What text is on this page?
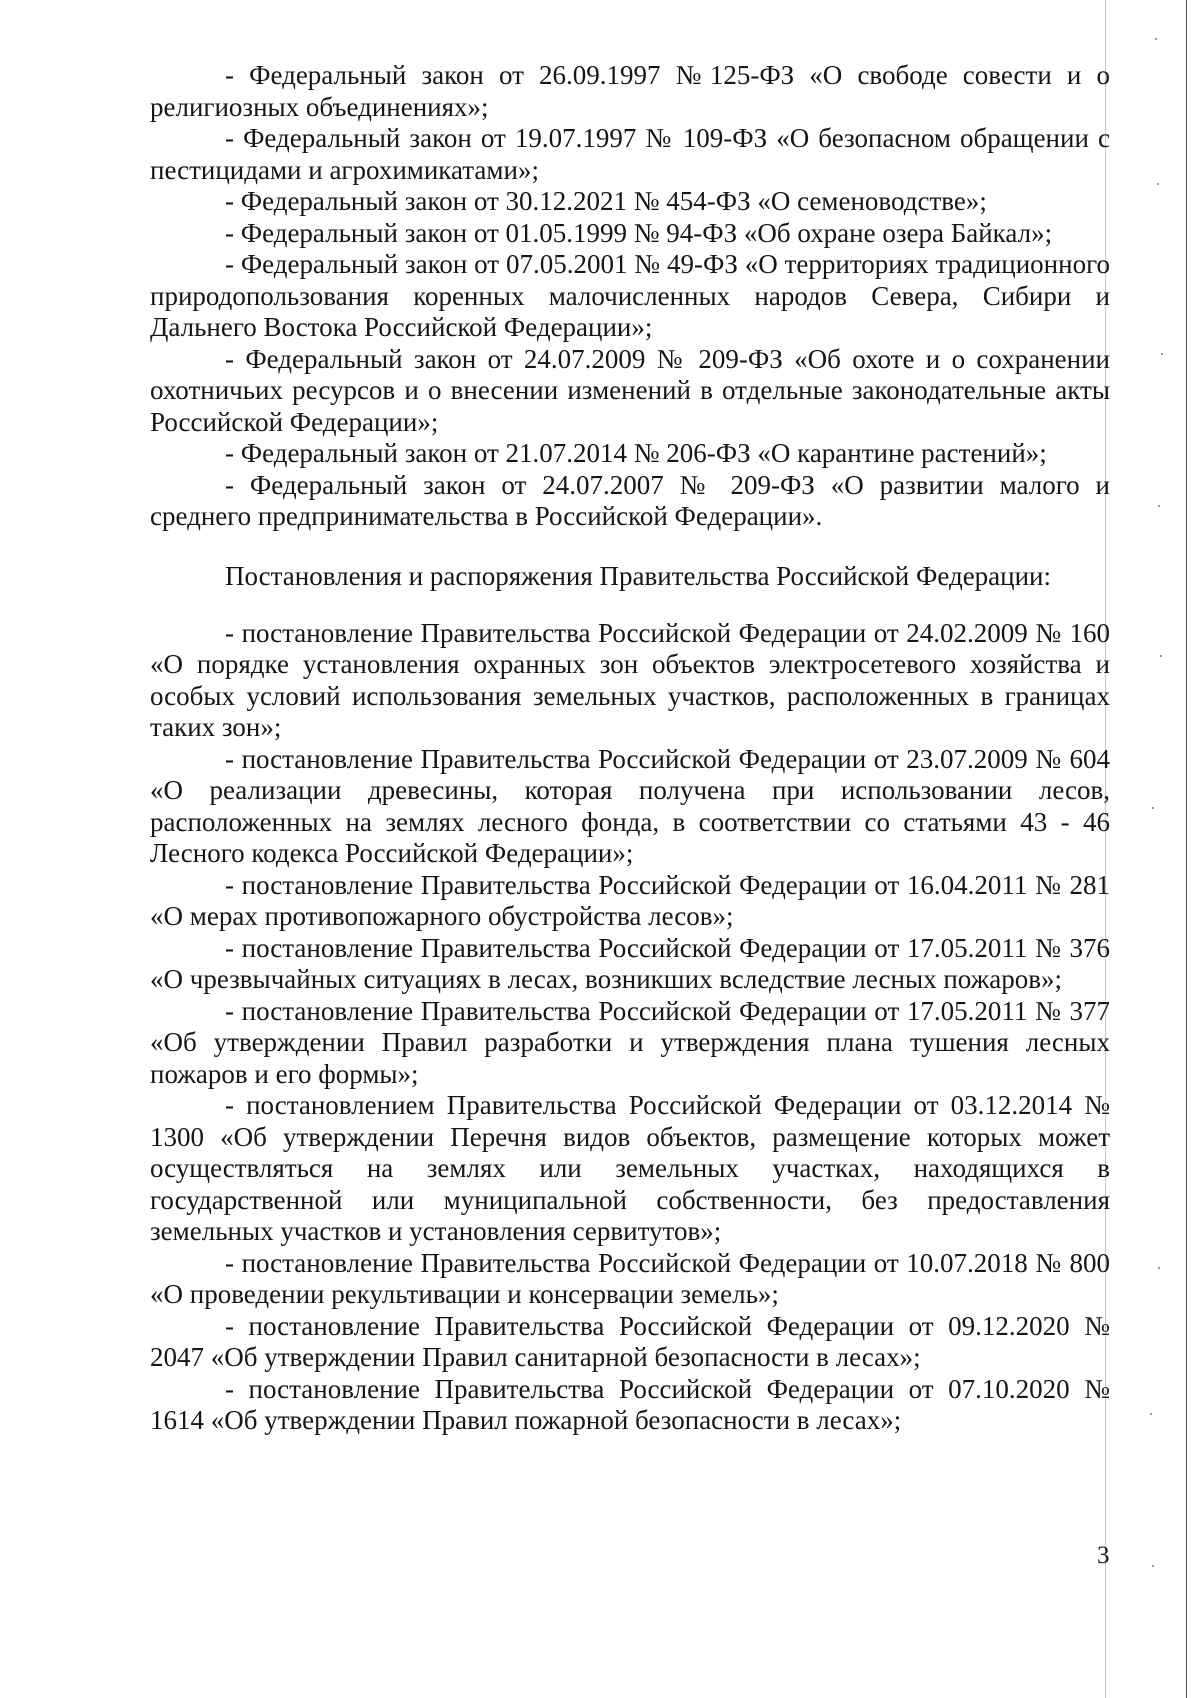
- Федеральный закон от 26.09.1997 №125-ФЗ «О свободе совести и о религиозных объединениях»;

- Федеральный закон от 19.07.1997 № 109-ФЗ «О безопасном обращении с пестицидами и агрохимикатами»;

- Федеральный закон от 30.12.2021 № 454-ФЗ «О семеноводстве»;

- Федеральный закон от 01.05.1999 № 94-ФЗ «Об охране озера Байкал»;

- Федеральный закон от 07.05.2001 № 49-ФЗ «О территориях традиционного природопользования коренных малочисленных народов Севера, Сибири и Дальнего Востока Российской Федерации»;

- Федеральный закон от 24.07.2009 № 209-ФЗ «Об охоте и о сохранении охотничьих ресурсов и о внесении изменений в отдельные законодательные акты Российской Федерации»;

- Федеральный закон от 21.07.2014 № 206-ФЗ «О карантине растений»;

- Федеральный закон от 24.07.2007 № 209-ФЗ «О развитии малого и среднего предпринимательства в Российской Федерации».

Постановления и распоряжения Правительства Российской Федерации:

- постановление Правительства Российской Федерации от 24.02.2009 № 160 «О порядке установления охранных зон объектов электросетевого хозяйства и особых условий использования земельных участков, расположенных в границах таких зон»;

- постановление Правительства Российской Федерации от 23.07.2009 № 604 «О реализации древесины, которая получена при использовании лесов, расположенных на землях лесного фонда, в соответствии со статьями 43 - 46 Лесного кодекса Российской Федерации»;

- постановление Правительства Российской Федерации от 16.04.2011 № 281 «О мерах противопожарного обустройства лесов»;

- постановление Правительства Российской Федерации от 17.05.2011 № 376 «О чрезвычайных ситуациях в лесах, возникших вследствие лесных пожаров»;

- постановление Правительства Российской Федерации от 17.05.2011 № 377 «Об утверждении Правил разработки и утверждения плана тушения лесных пожаров и его формы»;

- постановлением Правительства Российской Федерации от 03.12.2014 № 1300 «Об утверждении Перечня видов объектов, размещение которых может осуществляться на землях или земельных участках, находящихся в государственной или муниципальной собственности, без предоставления земельных участков и установления сервитутов»;

- постановление Правительства Российской Федерации от 10.07.2018 № 800 «О проведении рекультивации и консервации земель»;

- постановление Правительства Российской Федерации от 09.12.2020 № 2047 «Об утверждении Правил санитарной безопасности в лесах»;

- постановление Правительства Российской Федерации от 07.10.2020 № 1614 «Об утверждении Правил пожарной безопасности в лесах»;

3
